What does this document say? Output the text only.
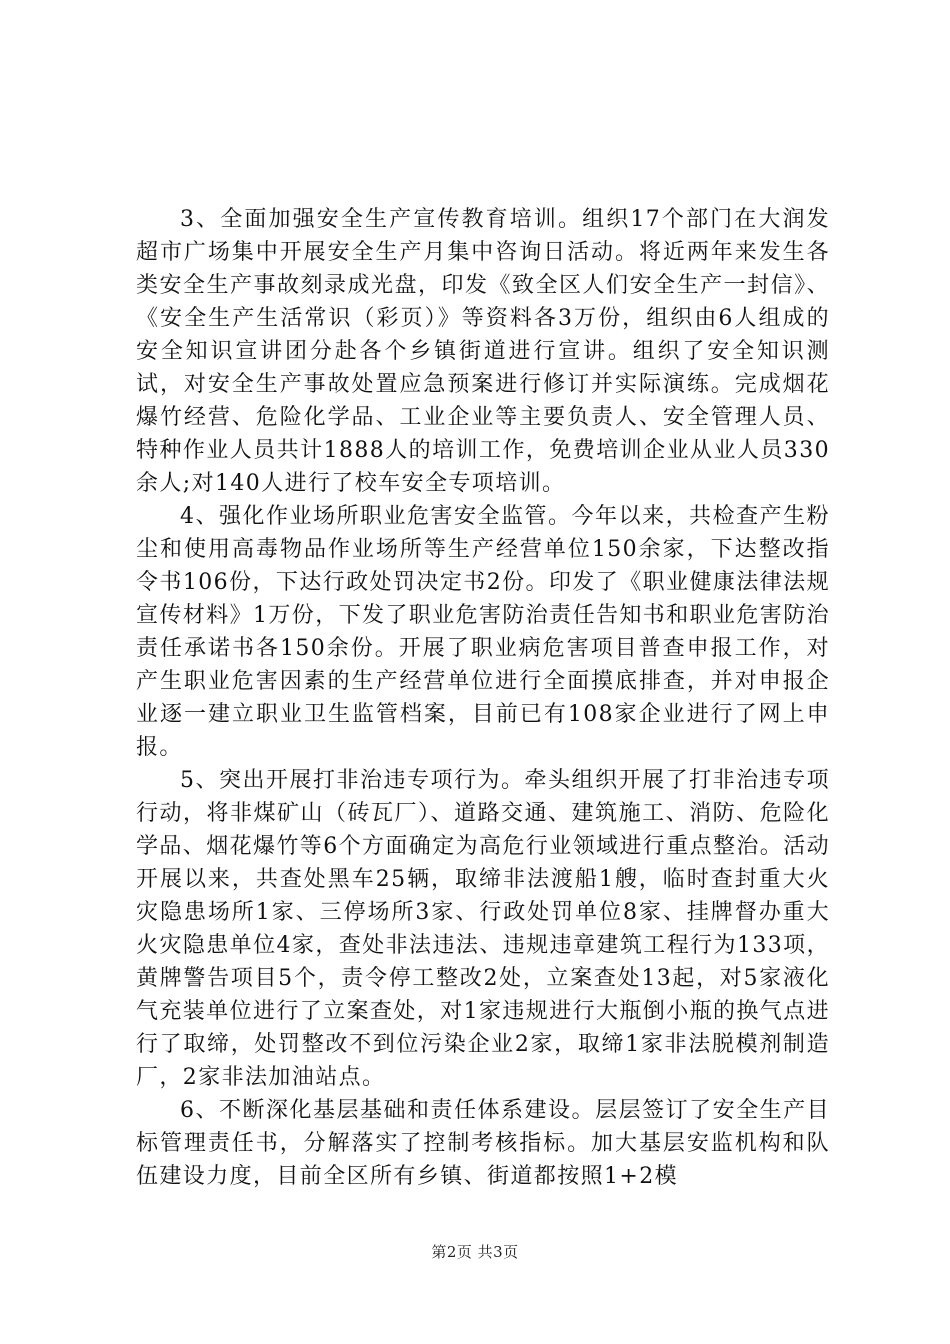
3、全面加强安全生产宣传教育培训。组织17个部门在大润发超市广场集中开展安全生产月集中咨询日活动。将近两年来发生各类安全生产事故刻录成光盘，印发《致全区人们安全生产一封信》、《安全生产生活常识（彩页）》等资料各3万份，组织由6人组成的安全知识宣讲团分赴各个乡镇街道进行宣讲。组织了安全知识测试，对安全生产事故处置应急预案进行修订并实际演练。完成烟花爆竹经营、危险化学品、工业企业等主要负责人、安全管理人员、特种作业人员共计1888人的培训工作，免费培训企业从业人员330余人;对140人进行了校车安全专项培训。

4、强化作业场所职业危害安全监管。今年以来，共检查产生粉尘和使用高毒物品作业场所等生产经营单位150余家，下达整改指令书106份，下达行政处罚决定书2份。印发了《职业健康法律法规宣传材料》1万份，下发了职业危害防治责任告知书和职业危害防治责任承诺书各150余份。开展了职业病危害项目普查申报工作，对产生职业危害因素的生产经营单位进行全面摸底排查，并对申报企业逐一建立职业卫生监管档案，目前已有108家企业进行了网上申报。

5、突出开展打非治违专项行为。牵头组织开展了打非治违专项行动，将非煤矿山（砖瓦厂）、道路交通、建筑施工、消防、危险化学品、烟花爆竹等6个方面确定为高危行业领域进行重点整治。活动开展以来，共查处黑车25辆，取缔非法渡船1艘，临时查封重大火灾隐患场所1家、三停场所3家、行政处罚单位8家、挂牌督办重大火灾隐患单位4家，查处非法违法、违规违章建筑工程行为133项，黄牌警告项目5个，责令停工整改2处，立案查处13起，对5家液化气充装单位进行了立案查处，对1家违规进行大瓶倒小瓶的换气点进行了取缔，处罚整改不到位污染企业2家，取缔1家非法脱模剂制造厂，2家非法加油站点。

6、不断深化基层基础和责任体系建设。层层签订了安全生产目标管理责任书，分解落实了控制考核指标。加大基层安监机构和队伍建设力度，目前全区所有乡镇、街道都按照1+2模

第2页 共3页
